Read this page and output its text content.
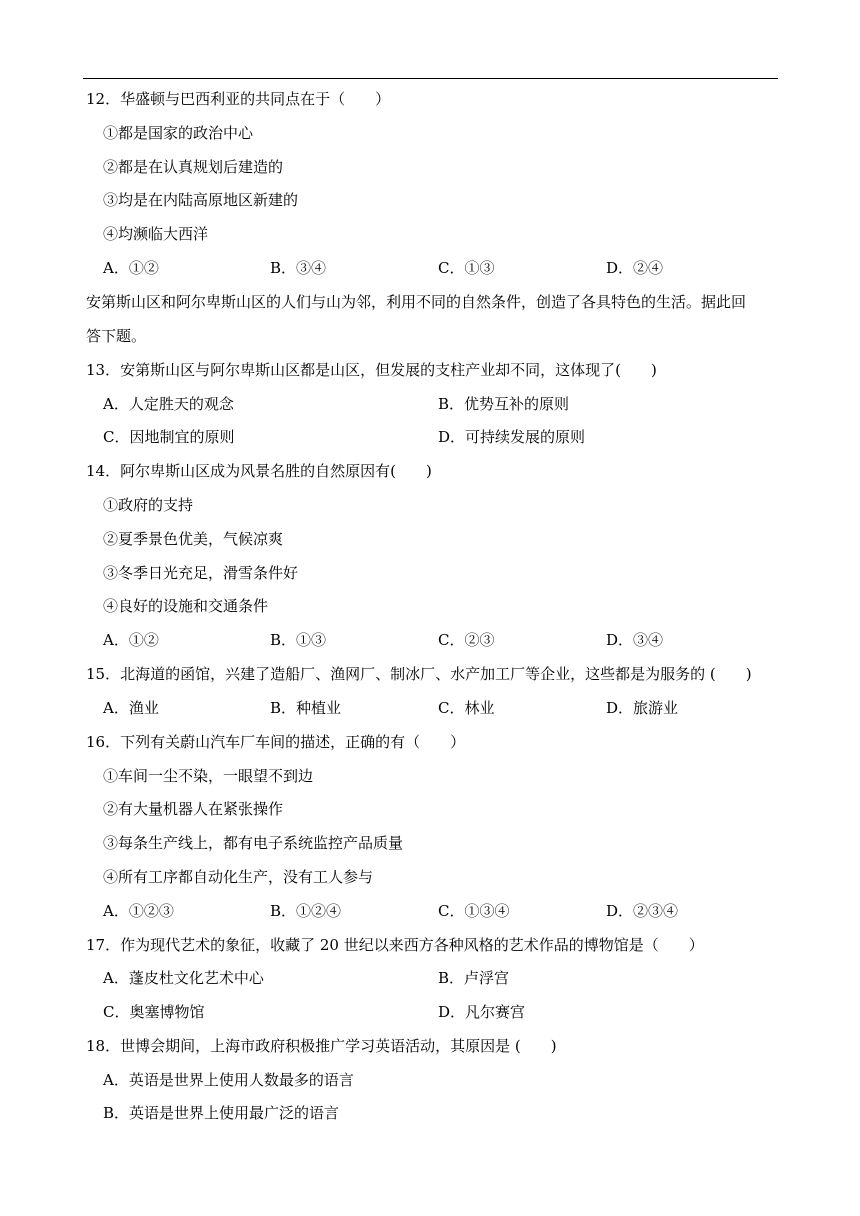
12．华盛顿与巴西利亚的共同点在于（　　）
①都是国家的政治中心
②都是在认真规划后建造的
③均是在内陆高原地区新建的
④均濒临大西洋
A．①②	B．③④	C．①③	D．②④
安第斯山区和阿尔卑斯山区的人们与山为邻，利用不同的自然条件，创造了各具特色的生活。据此回
答下题。
13．安第斯山区与阿尔卑斯山区都是山区，但发展的支柱产业却不同，这体现了(　　)
A．人定胜天的观念	B．优势互补的原则
C．因地制宜的原则	D．可持续发展的原则
14．阿尔卑斯山区成为风景名胜的自然原因有(　　)
①政府的支持
②夏季景色优美，气候凉爽
③冬季日光充足，滑雪条件好
④良好的设施和交通条件
A．①②	B．①③	C．②③	D．③④
15．北海道的函馆，兴建了造船厂、渔网厂、制冰厂、水产加工厂等企业，这些都是为服务的 (　　)
A．渔业	B．种植业	C．林业	D．旅游业
16．下列有关蔚山汽车厂车间的描述，正确的有（　　）
①车间一尘不染，一眼望不到边
②有大量机器人在紧张操作
③每条生产线上，都有电子系统监控产品质量
④所有工序都自动化生产，没有工人参与
A．①②③	B．①②④	C．①③④	D．②③④
17．作为现代艺术的象征，收藏了 20 世纪以来西方各种风格的艺术作品的博物馆是（　　）
A．蓬皮杜文化艺术中心	B．卢浮宫
C．奥塞博物馆	D．凡尔赛宫
18．世博会期间，上海市政府积极推广学习英语活动，其原因是 (　　)
A．英语是世界上使用人数最多的语言
B．英语是世界上使用最广泛的语言
